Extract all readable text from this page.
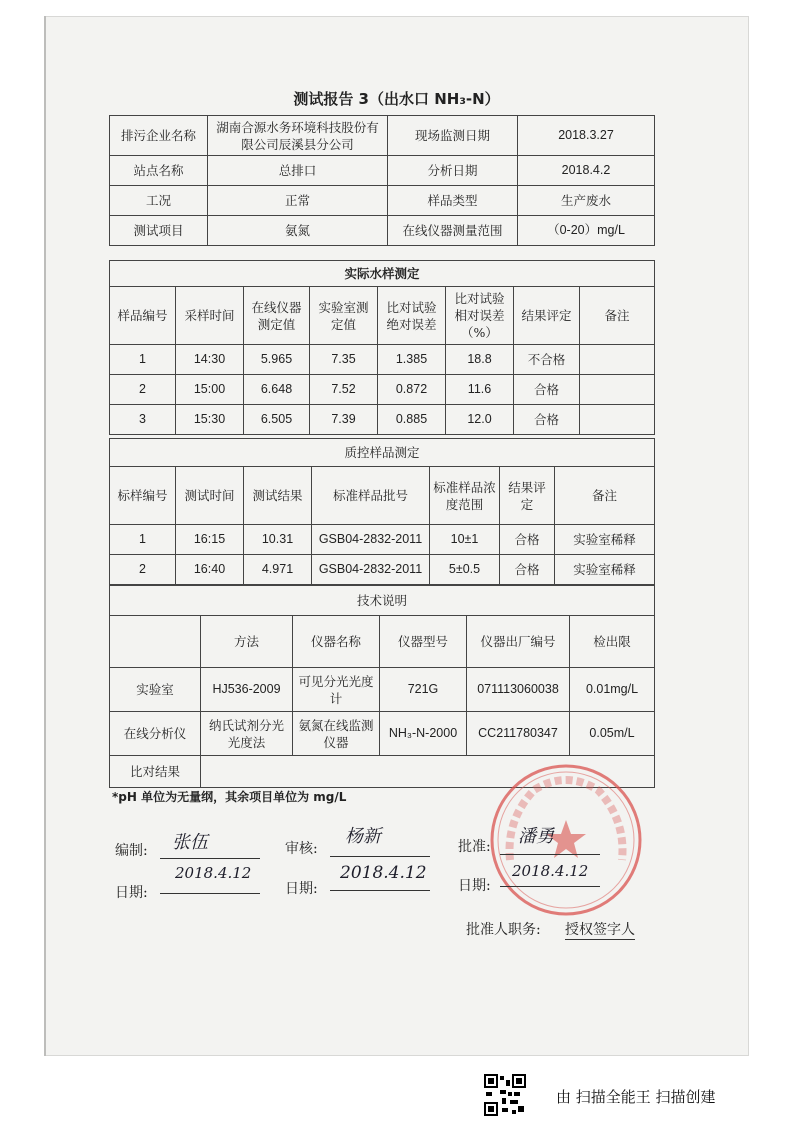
测试报告 3（出水口 NH₃-N）
排污企业名称	湖南合源水务环境科技股份有限公司辰溪县分公司	现场监测日期	2018.3.27
站点名称	总排口	分析日期	2018.4.2
工况	正常	样品类型	生产废水
测试项目	氨氮	在线仪器测量范围	（0-20）mg/L
实际水样测定							
样品编号	采样时间	在线仪器测定值	实验室测定值	比对试验绝对误差	比对试验相对误差（%）	结果评定	备注
1	14:30	5.965	7.35	1.385	18.8	不合格	
2	15:00	6.648	7.52	0.872	11.6	合格	
3	15:30	6.505	7.39	0.885	12.0	合格	
质控样品测定						
标样编号	测试时间	测试结果	标准样品批号	标准样品浓度范围	结果评定	备注
1	16:15	10.31	GSB04-2832-2011	10±1	合格	实验室稀释
2	16:40	4.971	GSB04-2832-2011	5±0.5	合格	实验室稀释
技术说明					
	方法	仪器名称	仪器型号	仪器出厂编号	检出限
实验室	HJ536-2009	可见分光光度计	721G	071113060038	0.01mg/L
在线分析仪	纳氏试剂分光光度法	氨氮在线监测仪器	NH₃-N-2000	CC211780347	0.05m/L
比对结果					
*pH 单位为无量纲，其余项目单位为 mg/L
编制: 张伍	审核:
杨新	批准: 潘勇
日期:
2018.4.12
日期:
2018.4.12
日期:
2018.4.12
批准人职务: 授权签字人
由 扫描全能王 扫描创建
